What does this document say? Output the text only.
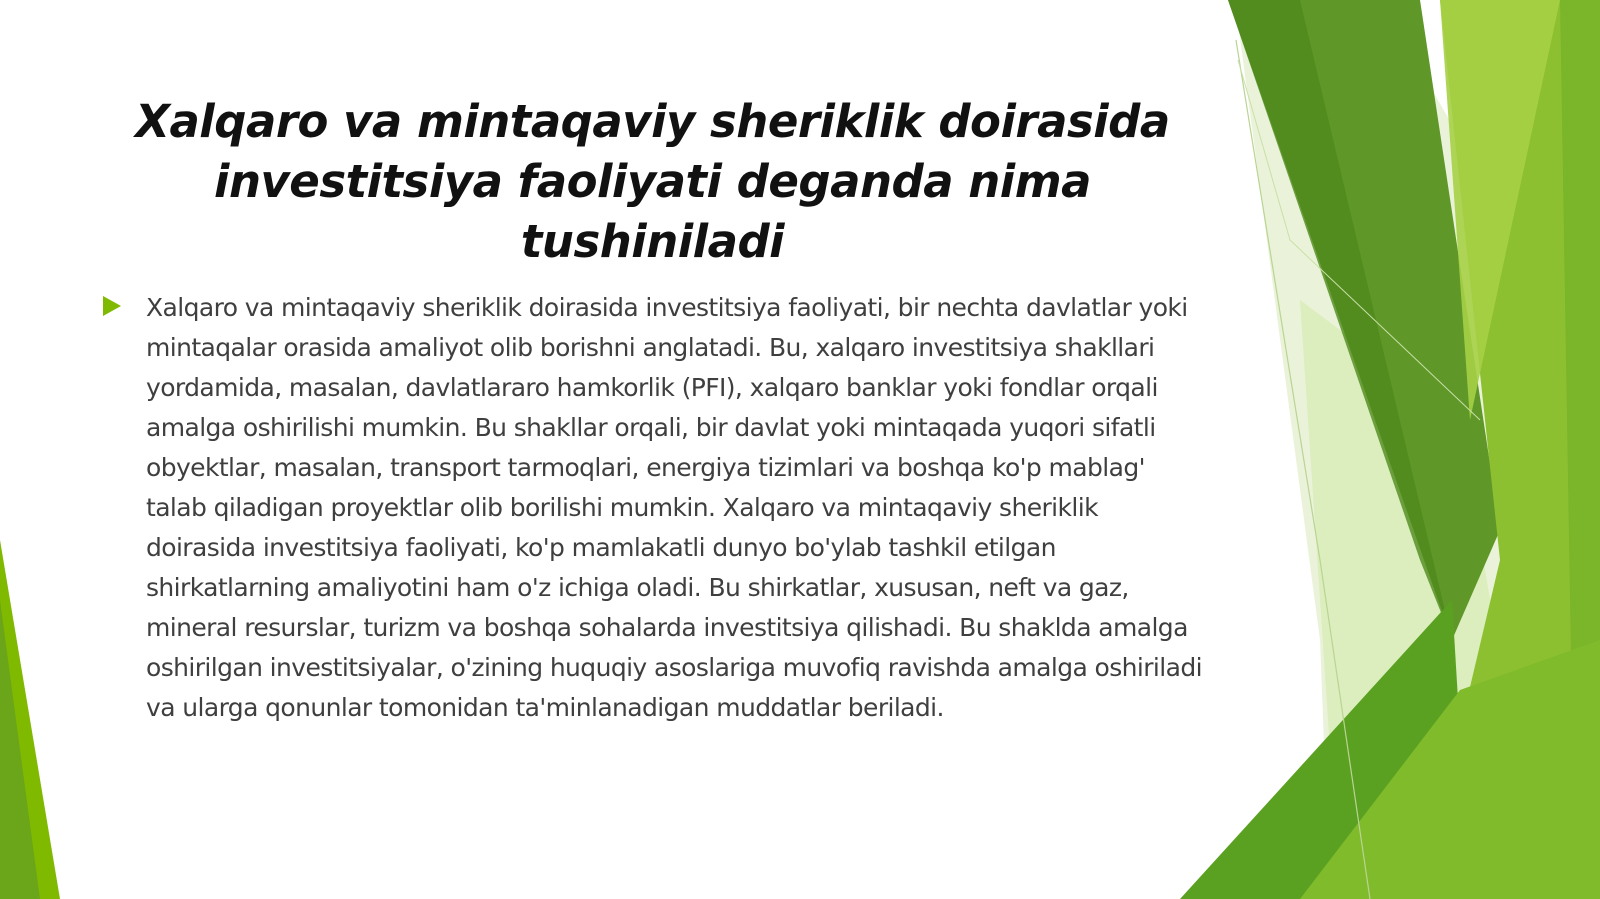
Xalqaro va mintaqaviy sheriklik doirasida investitsiya faoliyati deganda nima tushiniladi

Xalqaro va mintaqaviy sheriklik doirasida investitsiya faoliyati, bir nechta davlatlar yoki mintaqalar orasida amaliyot olib borishni anglatadi. Bu, xalqaro investitsiya shakllari yordamida, masalan, davlatlararo hamkorlik (PFI), xalqaro banklar yoki fondlar orqali amalga oshirilishi mumkin. Bu shakllar orqali, bir davlat yoki mintaqada yuqori sifatli obyektlar, masalan, transport tarmoqlari, energiya tizimlari va boshqa ko'p mablag' talab qiladigan proyektlar olib borilishi mumkin. Xalqaro va mintaqaviy sheriklik doirasida investitsiya faoliyati, ko'p mamlakatli dunyo bo'ylab tashkil etilgan shirkatlarning amaliyotini ham o'z ichiga oladi. Bu shirkatlar, xususan, neft va gaz, mineral resurslar, turizm va boshqa sohalarda investitsiya qilishadi. Bu shakldа amalga oshirilgan investitsiyalar, o'zining huquqiy asoslariga muvofiq ravishda amalga oshiriladi va ularga qonunlar tomonidan ta'minlanadigan muddatlar beriladi.
